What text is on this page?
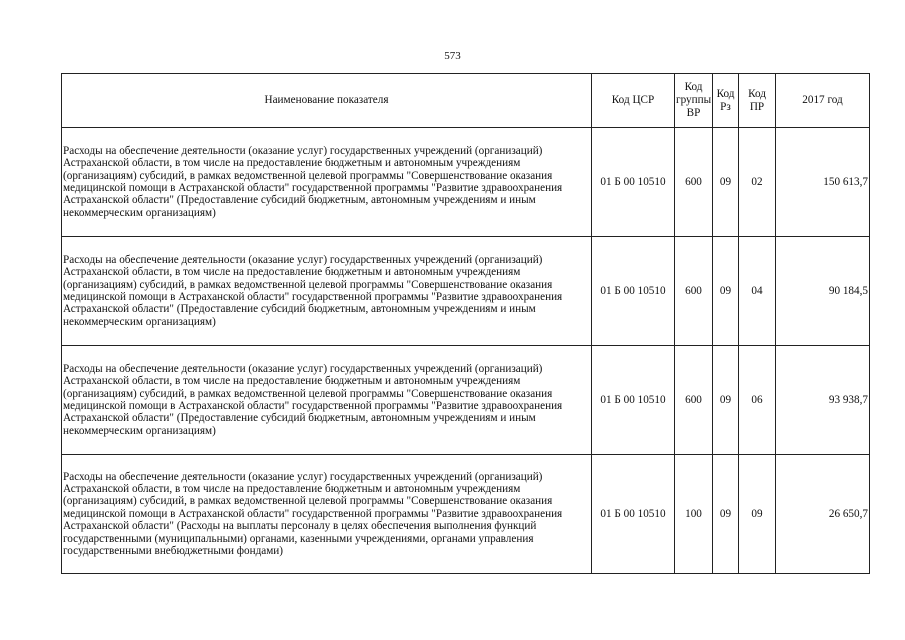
573
Наименование показателя	Код ЦСР	Код группы ВР	Код Рз	Код ПР	2017 год
Расходы на обеспечение деятельности (оказание услуг) государственных учреждений (организаций) Астраханской области, в том числе на предоставление бюджетным и автономным учреждениям (организациям) субсидий, в рамках ведомственной целевой программы "Совершенствование оказания медицинской помощи в Астраханской области" государственной программы "Развитие здравоохранения Астраханской области" (Предоставление субсидий бюджетным, автономным учреждениям и иным некоммерческим организациям)	01 Б 00 10510	600	09	02	150 613,7
Расходы на обеспечение деятельности (оказание услуг) государственных учреждений (организаций) Астраханской области, в том числе на предоставление бюджетным и автономным учреждениям (организациям) субсидий, в рамках ведомственной целевой программы "Совершенствование оказания медицинской помощи в Астраханской области" государственной программы "Развитие здравоохранения Астраханской области" (Предоставление субсидий бюджетным, автономным учреждениям и иным некоммерческим организациям)	01 Б 00 10510	600	09	04	90 184,5
Расходы на обеспечение деятельности (оказание услуг) государственных учреждений (организаций) Астраханской области, в том числе на предоставление бюджетным и автономным учреждениям (организациям) субсидий, в рамках ведомственной целевой программы "Совершенствование оказания медицинской помощи в Астраханской области" государственной программы "Развитие здравоохранения Астраханской области" (Предоставление субсидий бюджетным, автономным учреждениям и иным некоммерческим организациям)	01 Б 00 10510	600	09	06	93 938,7
Расходы на обеспечение деятельности (оказание услуг) государственных учреждений (организаций) Астраханской области, в том числе на предоставление бюджетным и автономным учреждениям (организациям) субсидий, в рамках ведомственной целевой программы "Совершенствование оказания медицинской помощи в Астраханской области" государственной программы "Развитие здравоохранения Астраханской области" (Расходы на выплаты персоналу в целях обеспечения выполнения функций государственными (муниципальными) органами, казенными учреждениями, органами управления государственными внебюджетными фондами)	01 Б 00 10510	100	09	09	26 650,7
